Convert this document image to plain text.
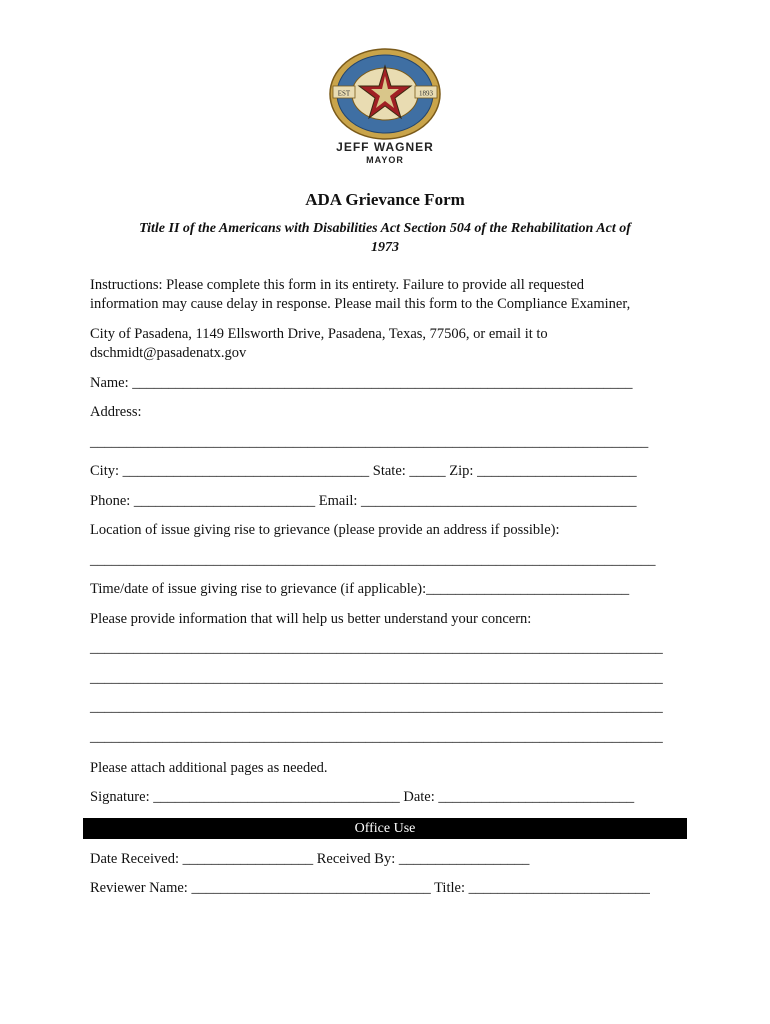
EST	1893
JEFF WAGNER
MAYOR
ADA Grievance Form
Title II of the Americans with Disabilities Act Section 504 of the Rehabilitation Act of 1973
Instructions: Please complete this form in its entirety. Failure to provide all requested
information may cause delay in response. Please mail this form to the Compliance Examiner,
City of Pasadena, 1149 Ellsworth Drive, Pasadena, Texas, 77506, or email it to
dschmidt@pasadenatx.gov
Name: _____________________________________________________________________
Address:
_____________________________________________________________________________
City: __________________________________ State: _____ Zip: ______________________
Phone: _________________________ Email: ______________________________________
Location of issue giving rise to grievance (please provide an address if possible):
______________________________________________________________________________
Time/date of issue giving rise to grievance (if applicable):____________________________
Please provide information that will help us better understand your concern:
_______________________________________________________________________________
_______________________________________________________________________________
_______________________________________________________________________________
_______________________________________________________________________________
Please attach additional pages as needed.
Signature: __________________________________ Date: ___________________________
Office Use
Date Received: __________________ Received By: __________________
Reviewer Name: _________________________________ Title: _________________________
